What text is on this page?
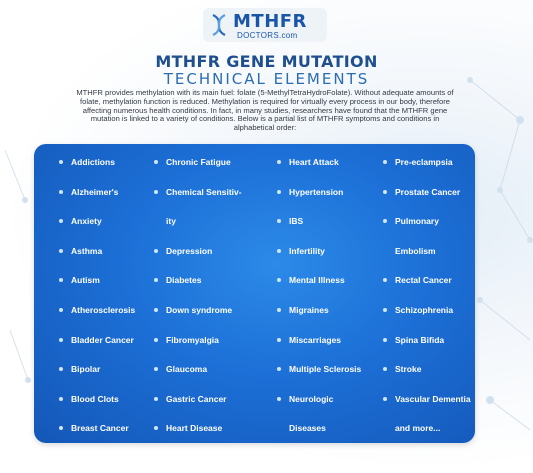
MTHFR
DOCTORS.com
MTHFR GENE MUTATION
TECHNICAL ELEMENTS
MTHFR provides methylation with its main fuel: folate (5-MethylTetraHydroFolate). Without adequate amounts of
folate, methylation function is reduced. Methylation is required for virtually every process in our body, therefore
affecting numerous health conditions. In fact, in many studies, researchers have found that the MTHFR gene
mutation is linked to a variety of conditions. Below is a partial list of MTHFR symptoms and conditions in
alphabetical order:
Addictions
Alzheimer's
Anxiety
Asthma
Autism
Atherosclerosis
Bladder Cancer
Bipolar
Blood Clots
Breast Cancer
Chronic Fatigue
Chemical Sensitiv-
ity
Depression
Diabetes
Down syndrome
Fibromyalgia
Glaucoma
Gastric Cancer
Heart Disease
Heart Attack
Hypertension
IBS
Infertility
Mental Illness
Migraines
Miscarriages
Multiple Sclerosis
Neurologic
Diseases
Pre-eclampsia
Prostate Cancer
Pulmonary
Embolism
Rectal Cancer
Schizophrenia
Spina Bifida
Stroke
Vascular Dementia
and more...
